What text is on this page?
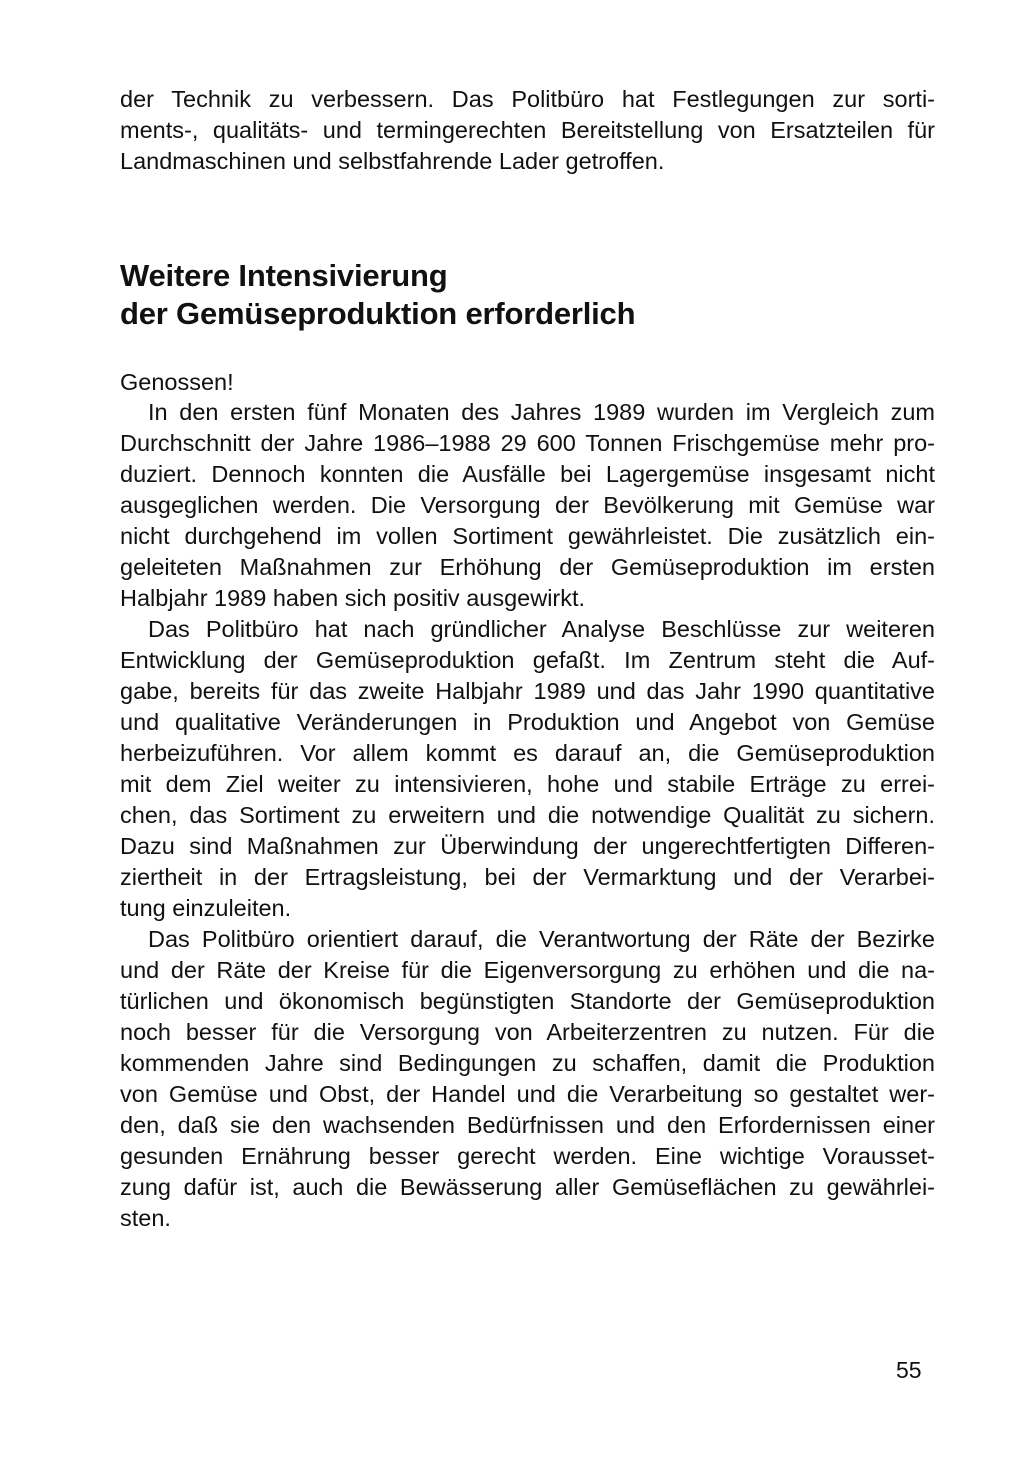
der Technik zu verbessern. Das Politbüro hat Festlegungen zur sorti-
ments-, qualitäts- und termingerechten Bereitstellung von Ersatzteilen für
Landmaschinen und selbstfahrende Lader getroffen.
Weitere Intensivierung
der Gemüseproduktion erforderlich
Genossen!
In den ersten fünf Monaten des Jahres 1989 wurden im Vergleich zum
Durchschnitt der Jahre 1986–1988 29 600 Tonnen Frischgemüse mehr pro-
duziert. Dennoch konnten die Ausfälle bei Lagergemüse insgesamt nicht
ausgeglichen werden. Die Versorgung der Bevölkerung mit Gemüse war
nicht durchgehend im vollen Sortiment gewährleistet. Die zusätzlich ein-
geleiteten Maßnahmen zur Erhöhung der Gemüseproduktion im ersten
Halbjahr 1989 haben sich positiv ausgewirkt.
Das Politbüro hat nach gründlicher Analyse Beschlüsse zur weiteren
Entwicklung der Gemüseproduktion gefaßt. Im Zentrum steht die Auf-
gabe, bereits für das zweite Halbjahr 1989 und das Jahr 1990 quantitative
und qualitative Veränderungen in Produktion und Angebot von Gemüse
herbeizuführen. Vor allem kommt es darauf an, die Gemüseproduktion
mit dem Ziel weiter zu intensivieren, hohe und stabile Erträge zu errei-
chen, das Sortiment zu erweitern und die notwendige Qualität zu sichern.
Dazu sind Maßnahmen zur Überwindung der ungerechtfertigten Differen-
ziertheit in der Ertragsleistung, bei der Vermarktung und der Verarbei-
tung einzuleiten.
Das Politbüro orientiert darauf, die Verantwortung der Räte der Bezirke
und der Räte der Kreise für die Eigenversorgung zu erhöhen und die na-
türlichen und ökonomisch begünstigten Standorte der Gemüseproduktion
noch besser für die Versorgung von Arbeiterzentren zu nutzen. Für die
kommenden Jahre sind Bedingungen zu schaffen, damit die Produktion
von Gemüse und Obst, der Handel und die Verarbeitung so gestaltet wer-
den, daß sie den wachsenden Bedürfnissen und den Erfordernissen einer
gesunden Ernährung besser gerecht werden. Eine wichtige Vorausset-
zung dafür ist, auch die Bewässerung aller Gemüseflächen zu gewährlei-
sten.
55
